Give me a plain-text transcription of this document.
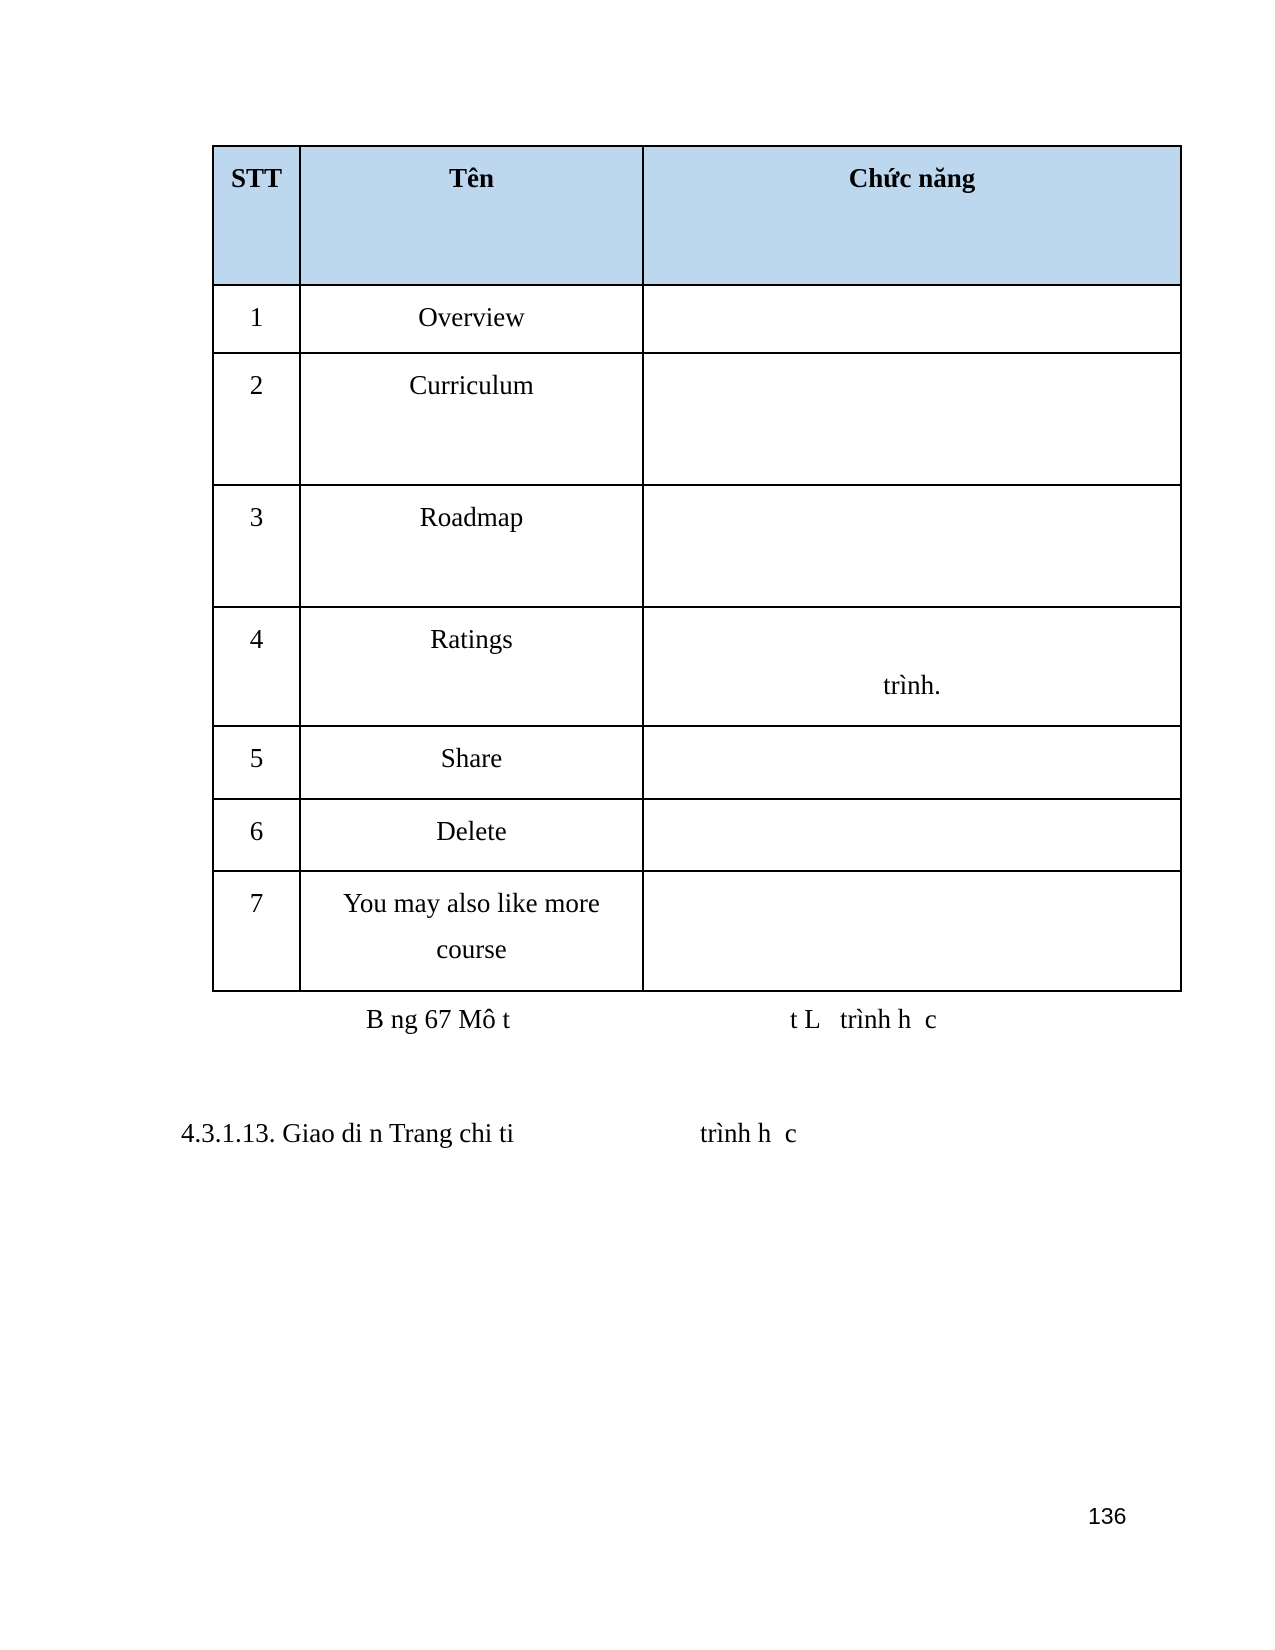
STT	Tên	Chức năng
1	Overview	
2	Curriculum	
3	Roadmap	
4	Ratings	trình.

5	Share	
6	Delete	
7	You may also like more course	
B ng 67 Mô t	t L   trình h  c
4.3.1.13. Giao di n Trang chi ti	trình h  c
136
